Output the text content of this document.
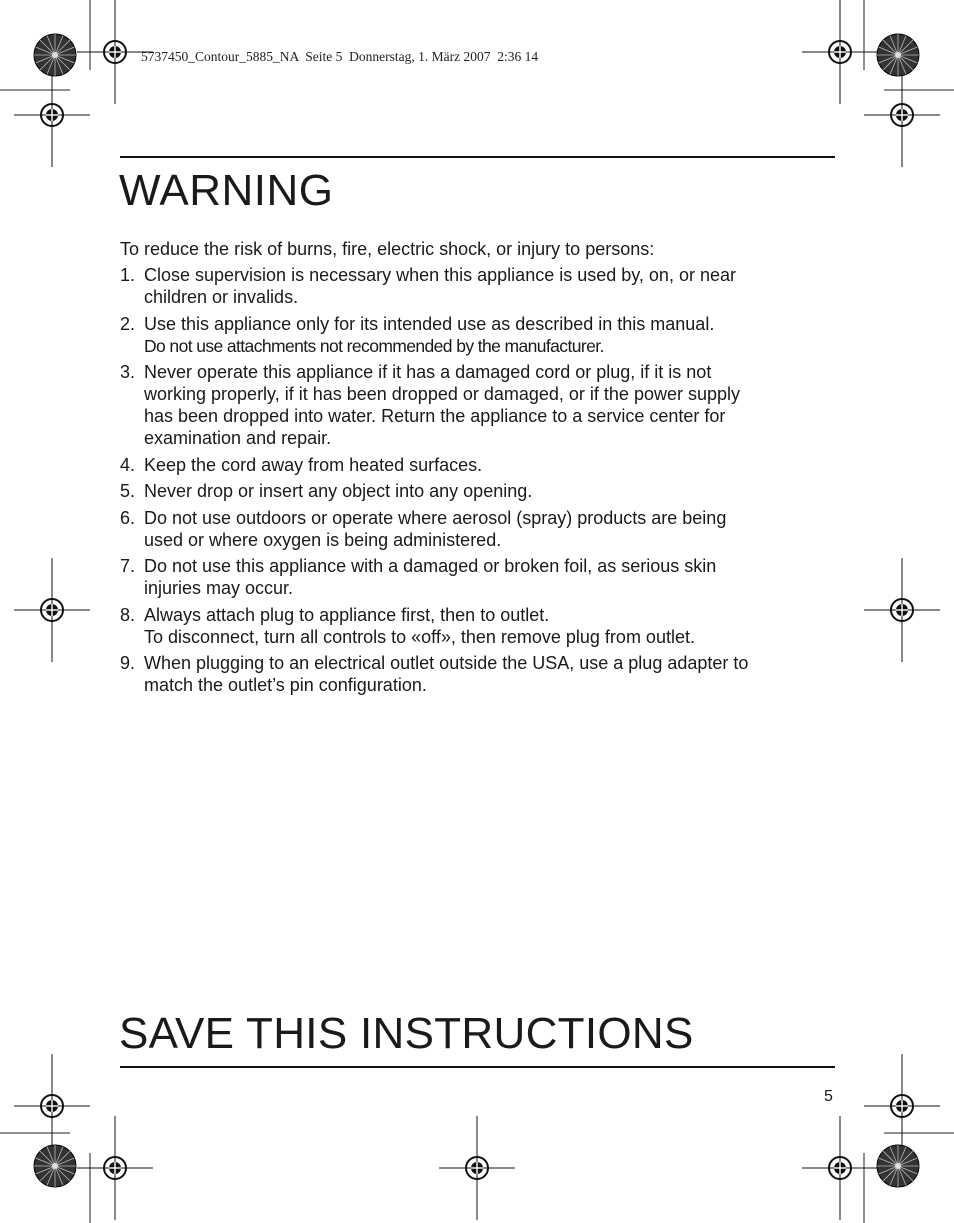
5737450_Contour_5885_NA  Seite 5  Donnerstag, 1. März 2007  2:36 14
WARNING
To reduce the risk of burns, fire, electric shock, or injury to persons:
1. Close supervision is necessary when this appliance is used by, on, or near
children or invalids.
2. Use this appliance only for its intended use as described in this manual.
Do not use attachments not recommended by the manufacturer.
3. Never operate this appliance if it has a damaged cord or plug, if it is not
working properly, if it has been dropped or damaged, or if the power supply
has been dropped into water. Return the appliance to a service center for
examination and repair.
4. Keep the cord away from heated surfaces.
5. Never drop or insert any object into any opening.
6. Do not use outdoors or operate where aerosol (spray) products are being
used or where oxygen is being administered.
7. Do not use this appliance with a damaged or broken foil, as serious skin
injuries may occur.
8. Always attach plug to appliance first, then to outlet.
To disconnect, turn all controls to «off», then remove plug from outlet.
9. When plugging to an electrical outlet outside the USA, use a plug adapter to
match the outlet’s pin configuration.
SAVE THIS INSTRUCTIONS
5
